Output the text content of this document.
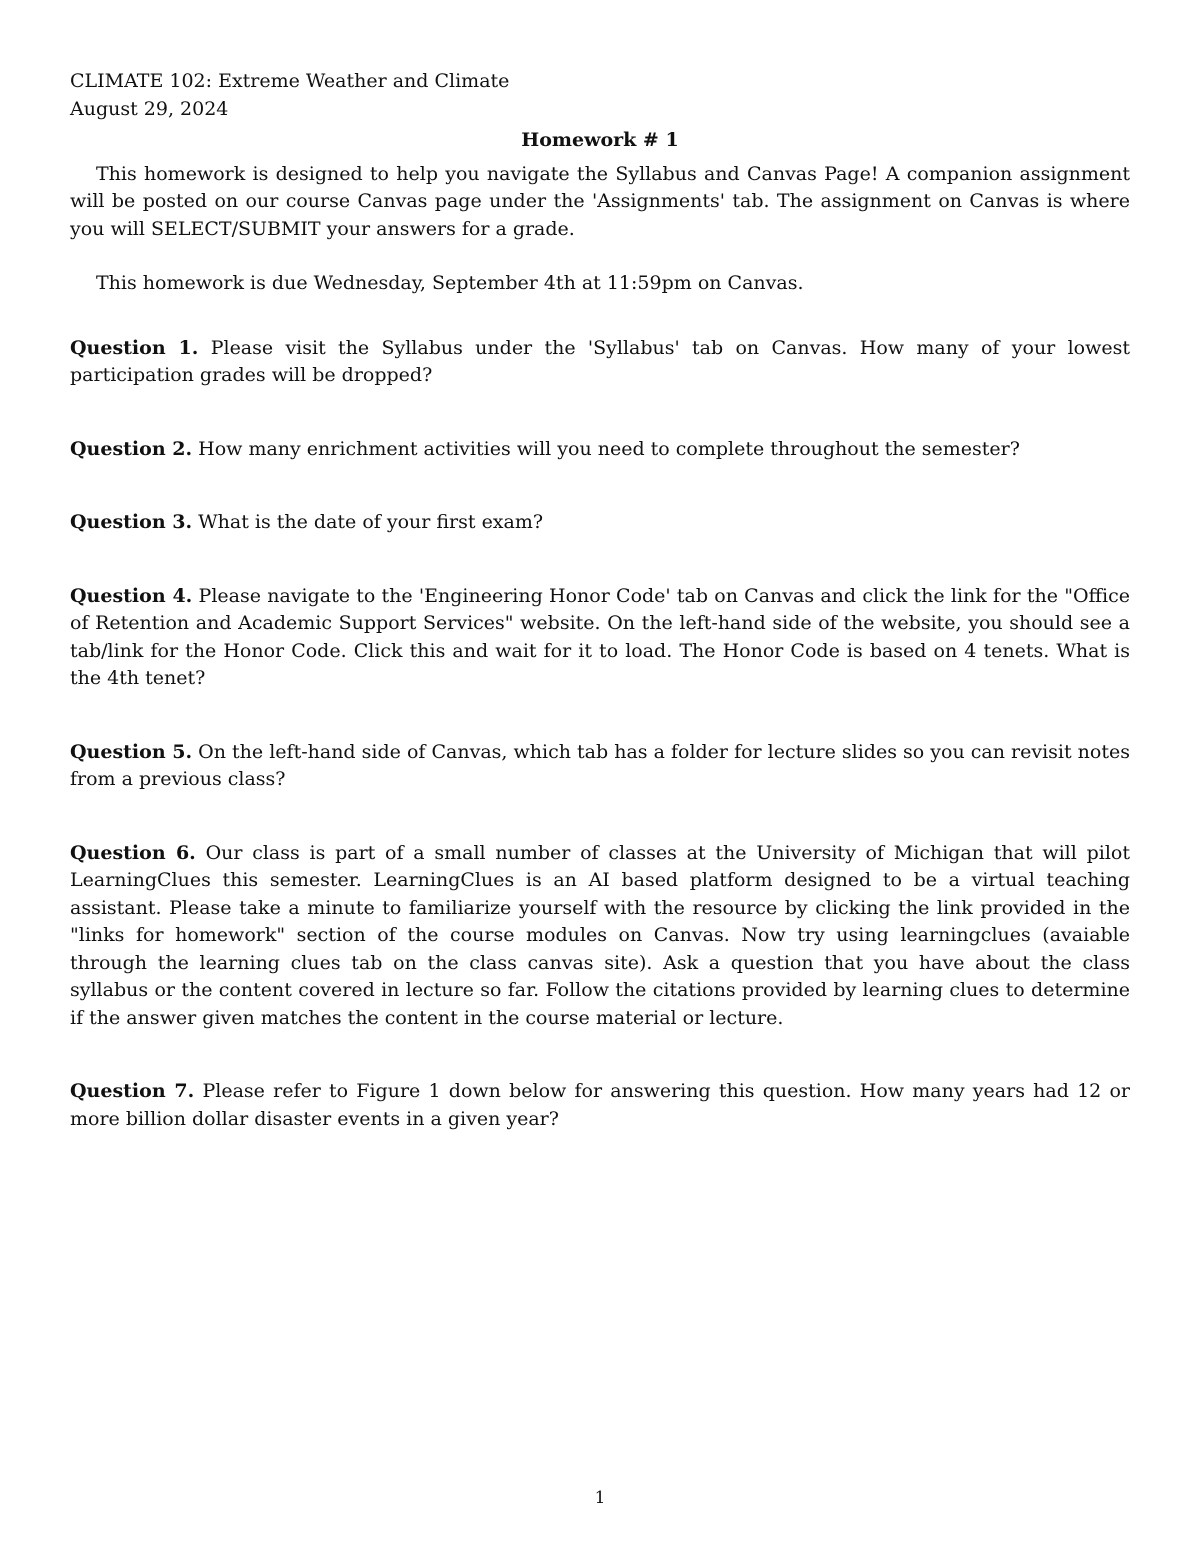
CLIMATE 102: Extreme Weather and Climate
August 29, 2024
Homework # 1

This homework is designed to help you navigate the Syllabus and Canvas Page! A companion assignment will be posted on our course Canvas page under the 'Assignments' tab. The assignment on Canvas is where you will SELECT/SUBMIT your answers for a grade.

This homework is due Wednesday, September 4th at 11:59pm on Canvas.

Question 1. Please visit the Syllabus under the 'Syllabus' tab on Canvas. How many of your lowest participation grades will be dropped?

Question 2. How many enrichment activities will you need to complete throughout the semester?

Question 3. What is the date of your first exam?

Question 4. Please navigate to the 'Engineering Honor Code' tab on Canvas and click the link for the "Office of Retention and Academic Support Services" website. On the left-hand side of the website, you should see a tab/link for the Honor Code. Click this and wait for it to load. The Honor Code is based on 4 tenets. What is the 4th tenet?

Question 5. On the left-hand side of Canvas, which tab has a folder for lecture slides so you can revisit notes from a previous class?

Question 6. Our class is part of a small number of classes at the University of Michigan that will pilot LearningClues this semester. LearningClues is an AI based platform designed to be a virtual teaching assistant. Please take a minute to familiarize yourself with the resource by clicking the link provided in the "links for homework" section of the course modules on Canvas. Now try using learningclues (avaiable through the learning clues tab on the class canvas site). Ask a question that you have about the class syllabus or the content covered in lecture so far. Follow the citations provided by learning clues to determine if the answer given matches the content in the course material or lecture.

Question 7. Please refer to Figure 1 down below for answering this question. How many years had 12 or more billion dollar disaster events in a given year?

1
